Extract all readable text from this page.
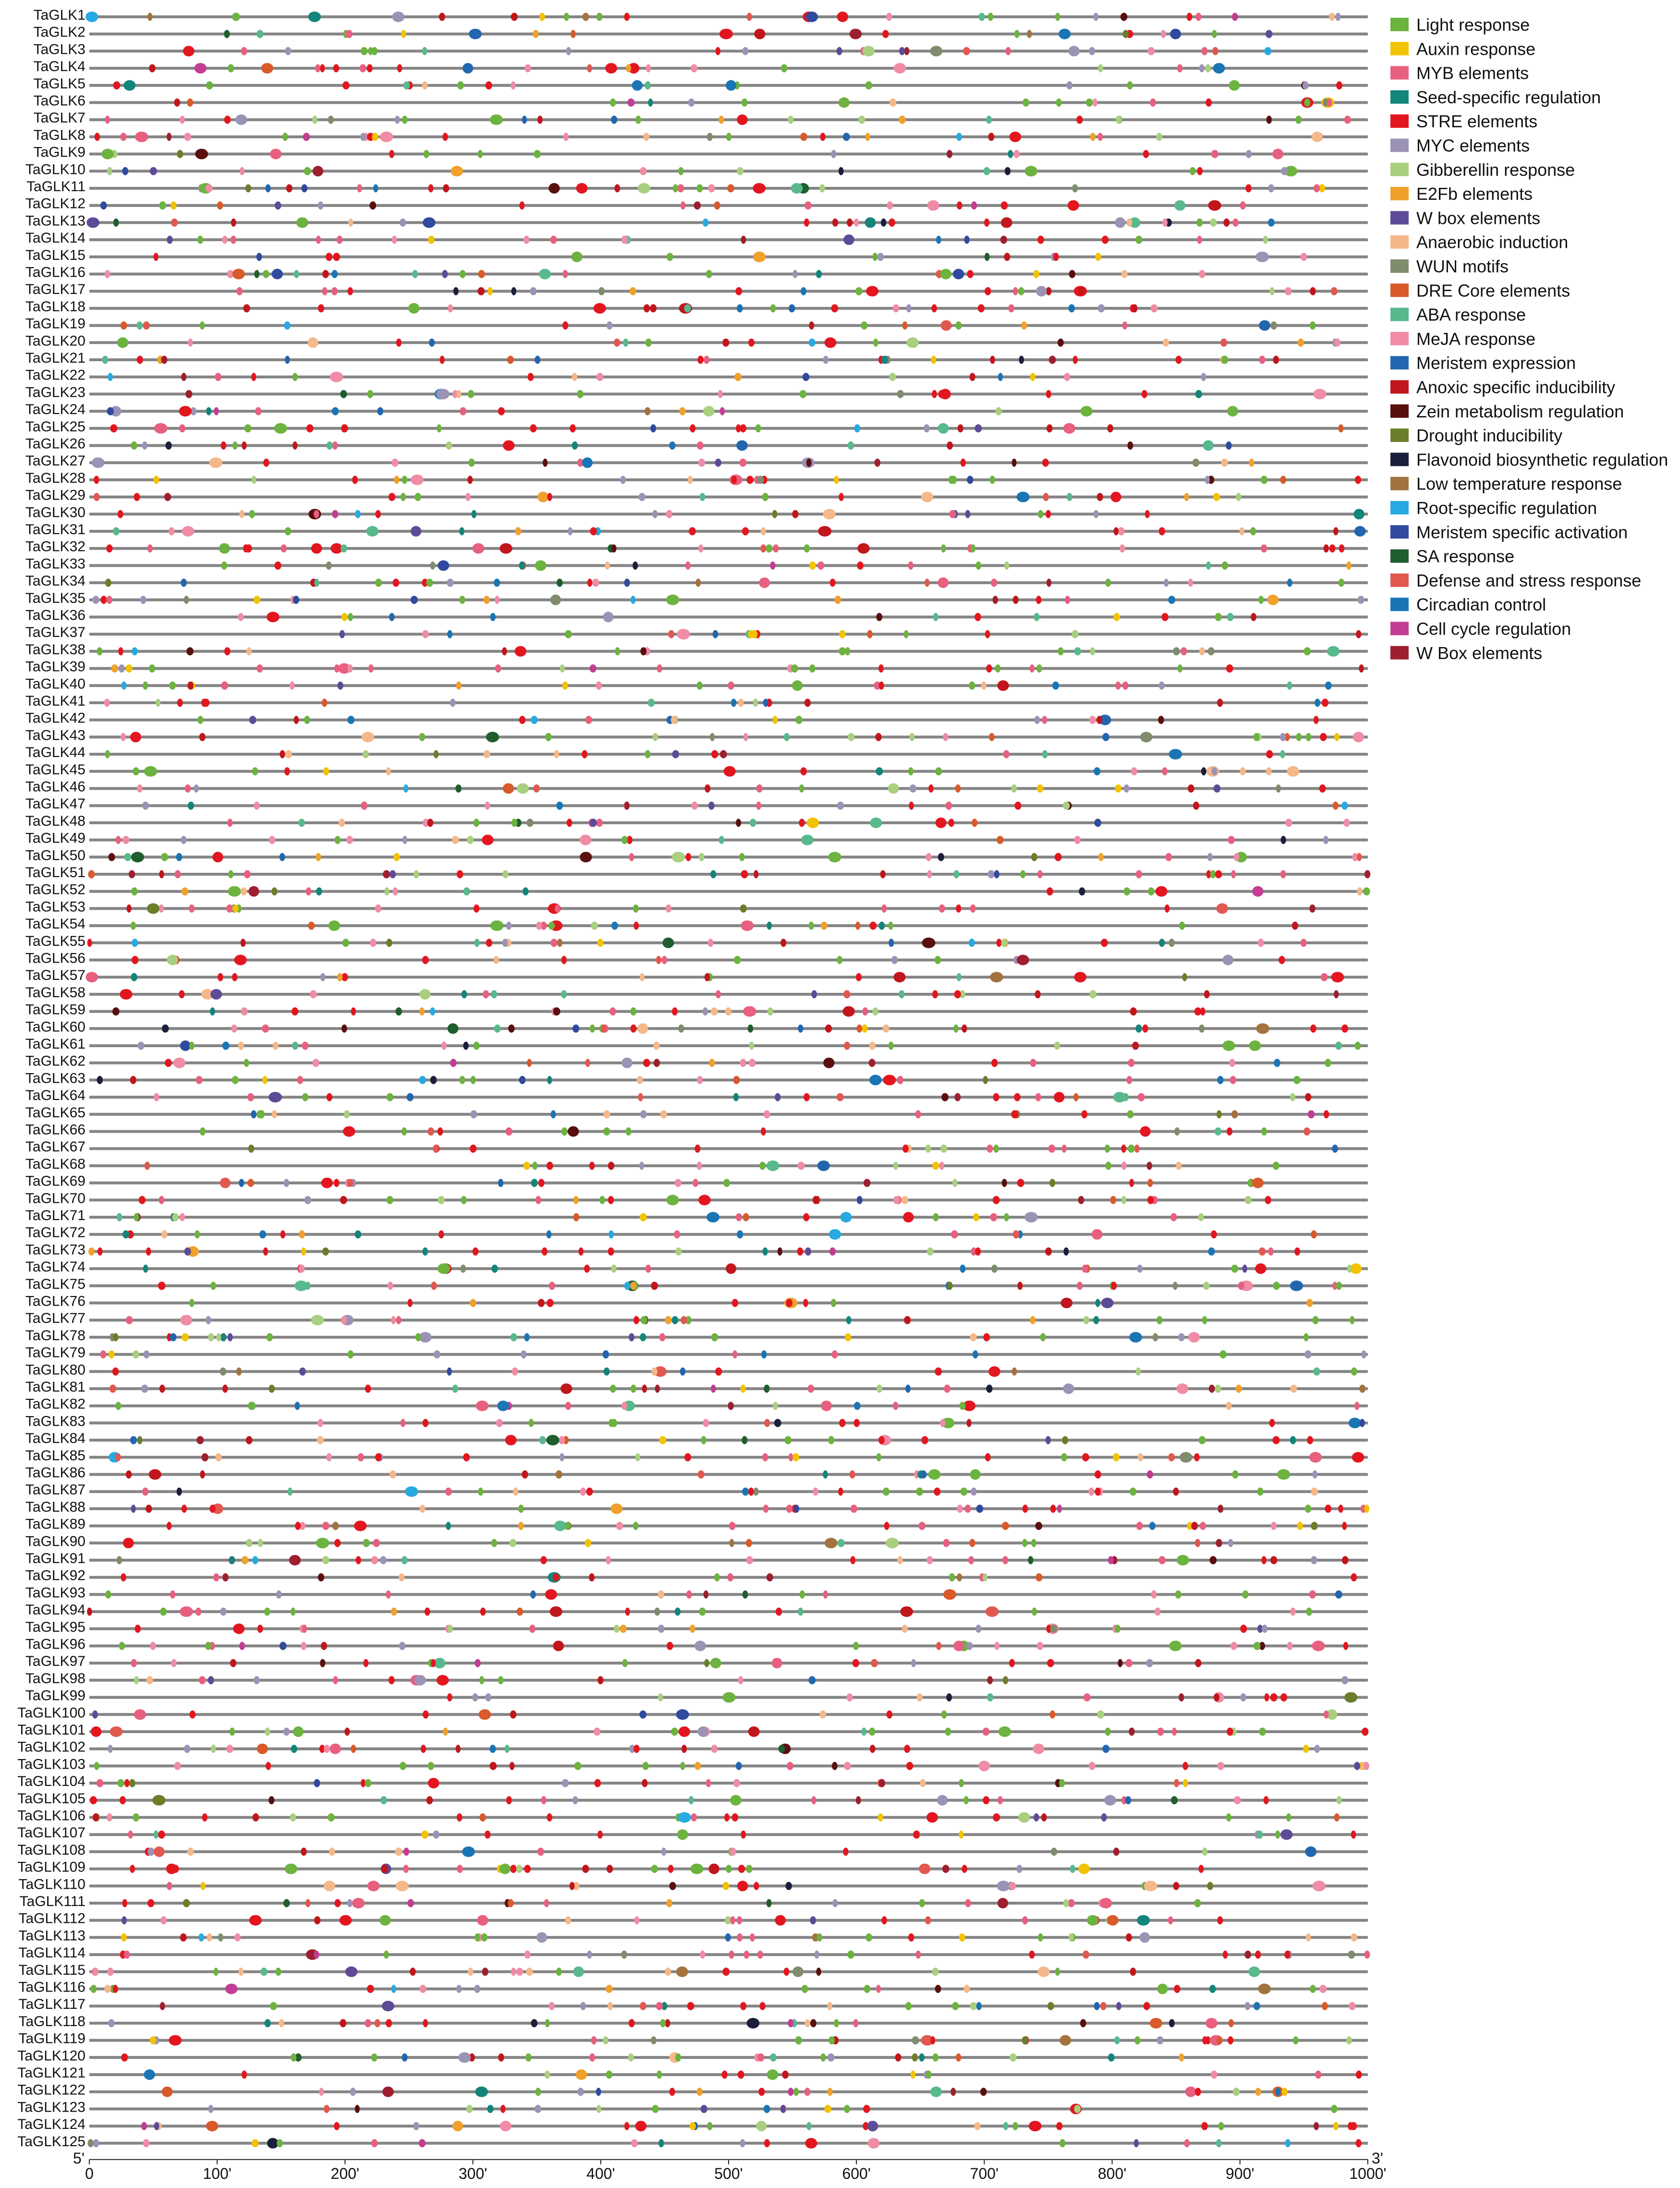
TaGLK1
TaGLK2
TaGLK3
TaGLK4
TaGLK5
TaGLK6
TaGLK7
TaGLK8
TaGLK9
TaGLK10
TaGLK11
TaGLK12
TaGLK13
TaGLK14
TaGLK15
TaGLK16
TaGLK17
TaGLK18
TaGLK19
TaGLK20
TaGLK21
TaGLK22
TaGLK23
TaGLK24
TaGLK25
TaGLK26
TaGLK27
TaGLK28
TaGLK29
TaGLK30
TaGLK31
TaGLK32
TaGLK33
TaGLK34
TaGLK35
TaGLK36
TaGLK37
TaGLK38
TaGLK39
TaGLK40
TaGLK41
TaGLK42
TaGLK43
TaGLK44
TaGLK45
TaGLK46
TaGLK47
TaGLK48
TaGLK49
TaGLK50
TaGLK51
TaGLK52
TaGLK53
TaGLK54
TaGLK55
TaGLK56
TaGLK57
TaGLK58
TaGLK59
TaGLK60
TaGLK61
TaGLK62
TaGLK63
TaGLK64
TaGLK65
TaGLK66
TaGLK67
TaGLK68
TaGLK69
TaGLK70
TaGLK71
TaGLK72
TaGLK73
TaGLK74
TaGLK75
TaGLK76
TaGLK77
TaGLK78
TaGLK79
TaGLK80
TaGLK81
TaGLK82
TaGLK83
TaGLK84
TaGLK85
TaGLK86
TaGLK87
TaGLK88
TaGLK89
TaGLK90
TaGLK91
TaGLK92
TaGLK93
TaGLK94
TaGLK95
TaGLK96
TaGLK97
TaGLK98
TaGLK99
TaGLK100
TaGLK101
TaGLK102
TaGLK103
TaGLK104
TaGLK105
TaGLK106
TaGLK107
TaGLK108
TaGLK109
TaGLK110
TaGLK111
TaGLK112
TaGLK113
TaGLK114
TaGLK115
TaGLK116
TaGLK117
TaGLK118
TaGLK119
TaGLK120
TaGLK121
TaGLK122
TaGLK123
TaGLK124
TaGLK125
0	100'	200'	300'	400'	500'	600'	700'	800'	900'	1000'
5'	3'
Light response
Auxin response
MYB elements
Seed-specific regulation
STRE elements
MYC elements
Gibberellin response
E2Fb elements
W box elements
Anaerobic induction
WUN motifs
DRE Core elements
ABA response
MeJA response
Meristem expression
Anoxic specific inducibility
Zein metabolism regulation
Drought inducibility
Flavonoid biosynthetic regulation
Low temperature response
Root-specific regulation
Meristem specific activation
SA response
Defense and stress response
Circadian control
Cell cycle regulation
W Box elements
